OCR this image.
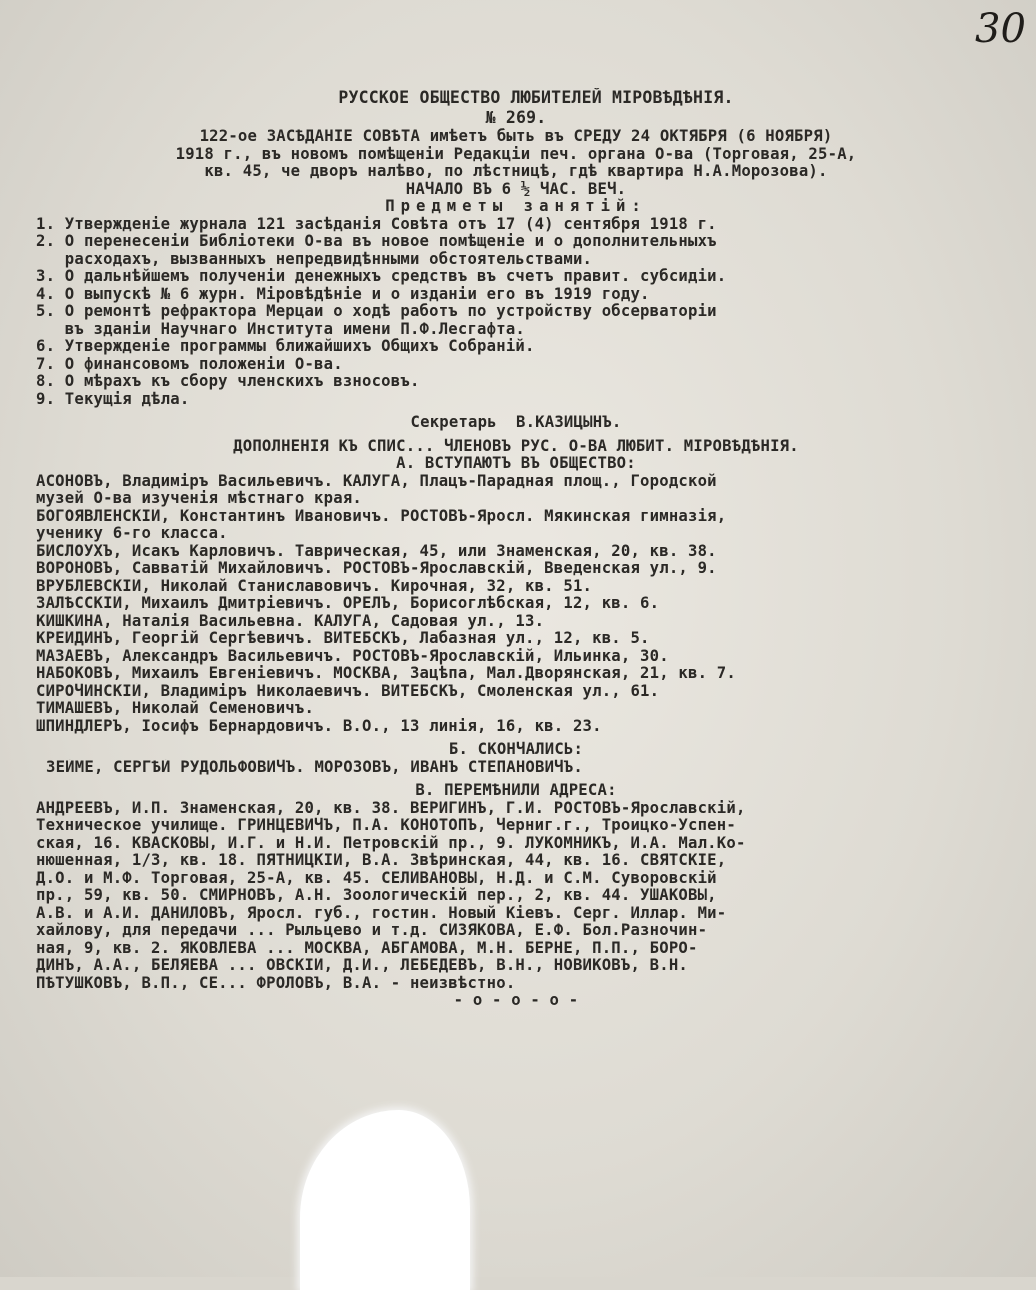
30
РУССКОЕ ОБЩЕСТВО ЛЮБИТЕЛЕЙ МIРОВѢДѢНIЯ.
№ 269.
122-ое ЗАСѢДАНIЕ СОВѢТА имѣетъ быть въ СРЕДУ 24 ОКТЯБРЯ (6 НОЯБРЯ)
1918 г., въ новомъ помѣщенiи Редакцiи печ. органа О-ва (Торговая, 25-А,
кв. 45, че дворъ налѣво, по лѣстницѣ, гдѣ квартира Н.А.Морозова).
НАЧАЛО ВЪ 6 ½ ЧАС. ВЕЧ.
Предметы занятiй:
1. Утвержденiе журнала 121 засѣданiя Совѣта отъ 17 (4) сентября 1918 г.
2. О перенесенiи Библiотеки О-ва въ новое помѣщенiе и о дополнительныхъ
расходахъ, вызванныхъ непредвидѣнными обстоятельствами.
3. О дальнѣйшемъ полученiи денежныхъ средствъ въ счетъ правит. субсидiи.
4. О выпускѣ № 6 журн. Мiровѣдѣнiе и о изданiи его въ 1919 году.
5. О ремонтѣ рефрактора Мерцаи о ходѣ работъ по устройству обсерваторiи
въ зданiи Научнаго Института имени П.Ф.Лесгафта.
6. Утвержденiе программы ближайшихъ Общихъ Собранiй.
7. О финансовомъ положенiи О-ва.
8. О мѣрахъ къ сбору членскихъ взносовъ.
9. Текущiя дѣла.
Секретарь  В.КАЗИЦЫНЪ.
ДОПОЛНЕНIЯ КЪ СПИС... ЧЛЕНОВЪ РУС. О-ВА ЛЮБИТ. МIРОВѢДѢНIЯ.
А. ВСТУПАЮТЪ ВЪ ОБЩЕСТВО:
АСОНОВЪ, Владимiръ Васильевичъ. КАЛУГА, Плацъ-Парадная площ., Городской
музей О-ва изученiя мѣстнаго края.
БОГОЯВЛЕНСКIЙ, Константинъ Ивановичъ. РОСТОВЪ-Яросл. Мякинская гимназiя,
ученику 6-го класса.
БИСЛОУХЪ, Исакъ Карловичъ. Таврическая, 45, или Знаменская, 20, кв. 38.
ВОРОНОВЪ, Савватiй Михайловичъ. РОСТОВЪ-Ярославскiй, Введенская ул., 9.
ВРУБЛЕВСКIЙ, Николай Станиславовичъ. Кирочная, 32, кв. 51.
ЗАЛѢССКIЙ, Михаилъ Дмитрiевичъ. ОРЕЛЪ, Борисоглѣбская, 12, кв. 6.
КИШКИНА, Наталiя Васильевна. КАЛУГА, Садовая ул., 13.
КРЕЙДИНЪ, Георгiй Сергѣевичъ. ВИТЕБСКЪ, Лабазная ул., 12, кв. 5.
МАЗАЕВЪ, Александръ Васильевичъ. РОСТОВЪ-Ярославскiй, Ильинка, 30.
НАБОКОВЪ, Михаилъ Евгенiевичъ. МОСКВА, Зацѣпа, Мал.Дворянская, 21, кв. 7.
СИРОЧИНСКIЙ, Владимiръ Николаевичъ. ВИТЕБСКЪ, Смоленская ул., 61.
ТИМАШЕВЪ, Николай Семеновичъ.
ШПИНДЛЕРЪ, Iосифъ Бернардовичъ. В.О., 13 линiя, 16, кв. 23.
Б. СКОНЧАЛИСЬ:
ЗЕЙМЕ, СЕРГѢЙ РУДОЛЬФОВИЧЪ. МОРОЗОВЪ, ИВАНЪ СТЕПАНОВИЧЪ.
В. ПЕРЕМѢНИЛИ АДРЕСА:
АНДРЕЕВЪ, И.П. Знаменская, 20, кв. 38. ВЕРИГИНЪ, Г.И. РОСТОВЪ-Ярославскiй,
Техническое училище. ГРИНЦЕВИЧЪ, П.А. КОНОТОПЪ, Черниг.г., Троицко-Успен-
ская, 16. КВАСКОВЫ, И.Г. и Н.И. Петровскiй пр., 9. ЛУКОМНИКЪ, И.А. Мал.Ко-
нюшенная, 1/3, кв. 18. ПЯТНИЦКIЙ, В.А. Звѣринская, 44, кв. 16. СВЯТСКIЕ,
Д.О. и М.Ф. Торговая, 25-А, кв. 45. СЕЛИВАНОВЫ, Н.Д. и С.М. Суворовскiй
пр., 59, кв. 50. СМИРНОВЪ, А.Н. Зоологическiй пер., 2, кв. 44. УШАКОВЫ,
А.В. и А.И. ДАНИЛОВЪ, Яросл. губ., гостин. Новый Кiевъ. Серг. Иллар. Ми-
хайлову, для передачи ... Рыльцево и т.д. СИЗЯКОВА, Е.Ф. Бол.Разночин-
ная, 9, кв. 2. ЯКОВЛЕВА ... МОСКВА, АБГАМОВА, М.Н. БЕРНЕ, П.П., БОРО-
ДИНЪ, А.А., БЕЛЯЕВА ... ОВСКIЙ, Д.И., ЛЕБЕДЕВЪ, В.Н., НОВИКОВЪ, В.Н.
ПѢТУШКОВЪ, В.П., СЕ... ФРОЛОВЪ, В.А. - неизвѣстно.
- о - о - о -
